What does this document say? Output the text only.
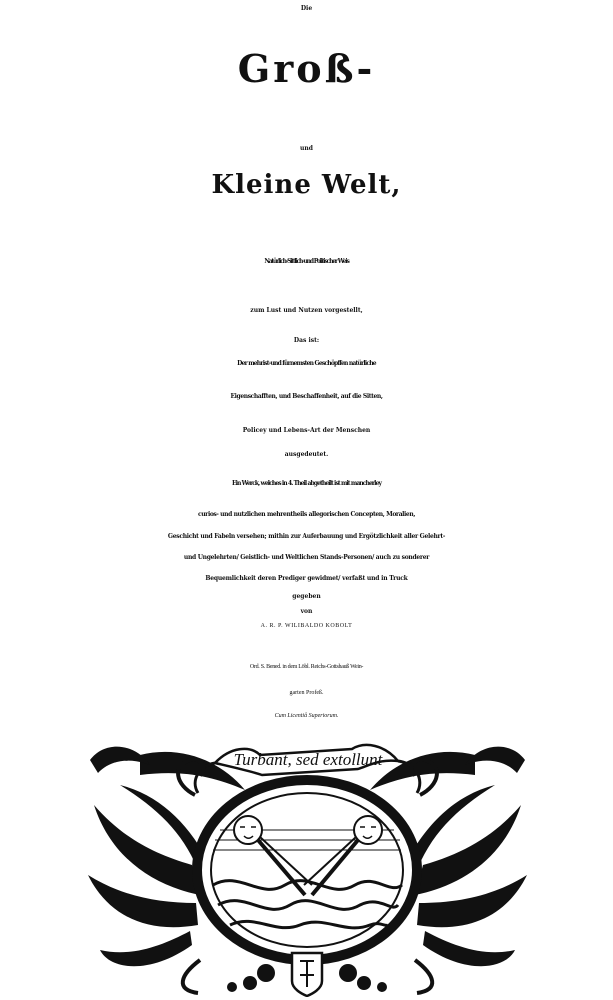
Die
Groß-
und
Kleine Welt,
Natürlich-Sittlich-und Politischer Weis
zum Lust und Nutzen vorgestellt,
Das ist:
Der mehrist-und fürnemsten Geschöpffen natürliche
Eigenschafften, und Beschaffenheit, auf die Sitten,
Policey und Lebens-Art der Menschen
ausgedeutet.
Ein Werck, welches in 4. Theil abgetheilt ist mit mancherley
curios- und nutzlichen mehrentheils allegorischen Concepten, Moralien,
Geschicht und Fabeln versehen; mithin zur Auferbauung und Ergötzlichkeit aller Gelehrt-
und Ungelehrten/ Geistlich- und Weltlichen Stands-Personen/ auch zu sonderer
Bequemlichkeit deren Prediger gewidmet/ verfaßt und in Truck
gegeben
von
A. R. P. WILIBALDO KOBOLT
Ord. S. Bened. in dem Löbl. Reichs-Gottshauß Wein-
garten Profeß.
Cum Licentiâ Superiorum.
Turbant, sed extollunt
